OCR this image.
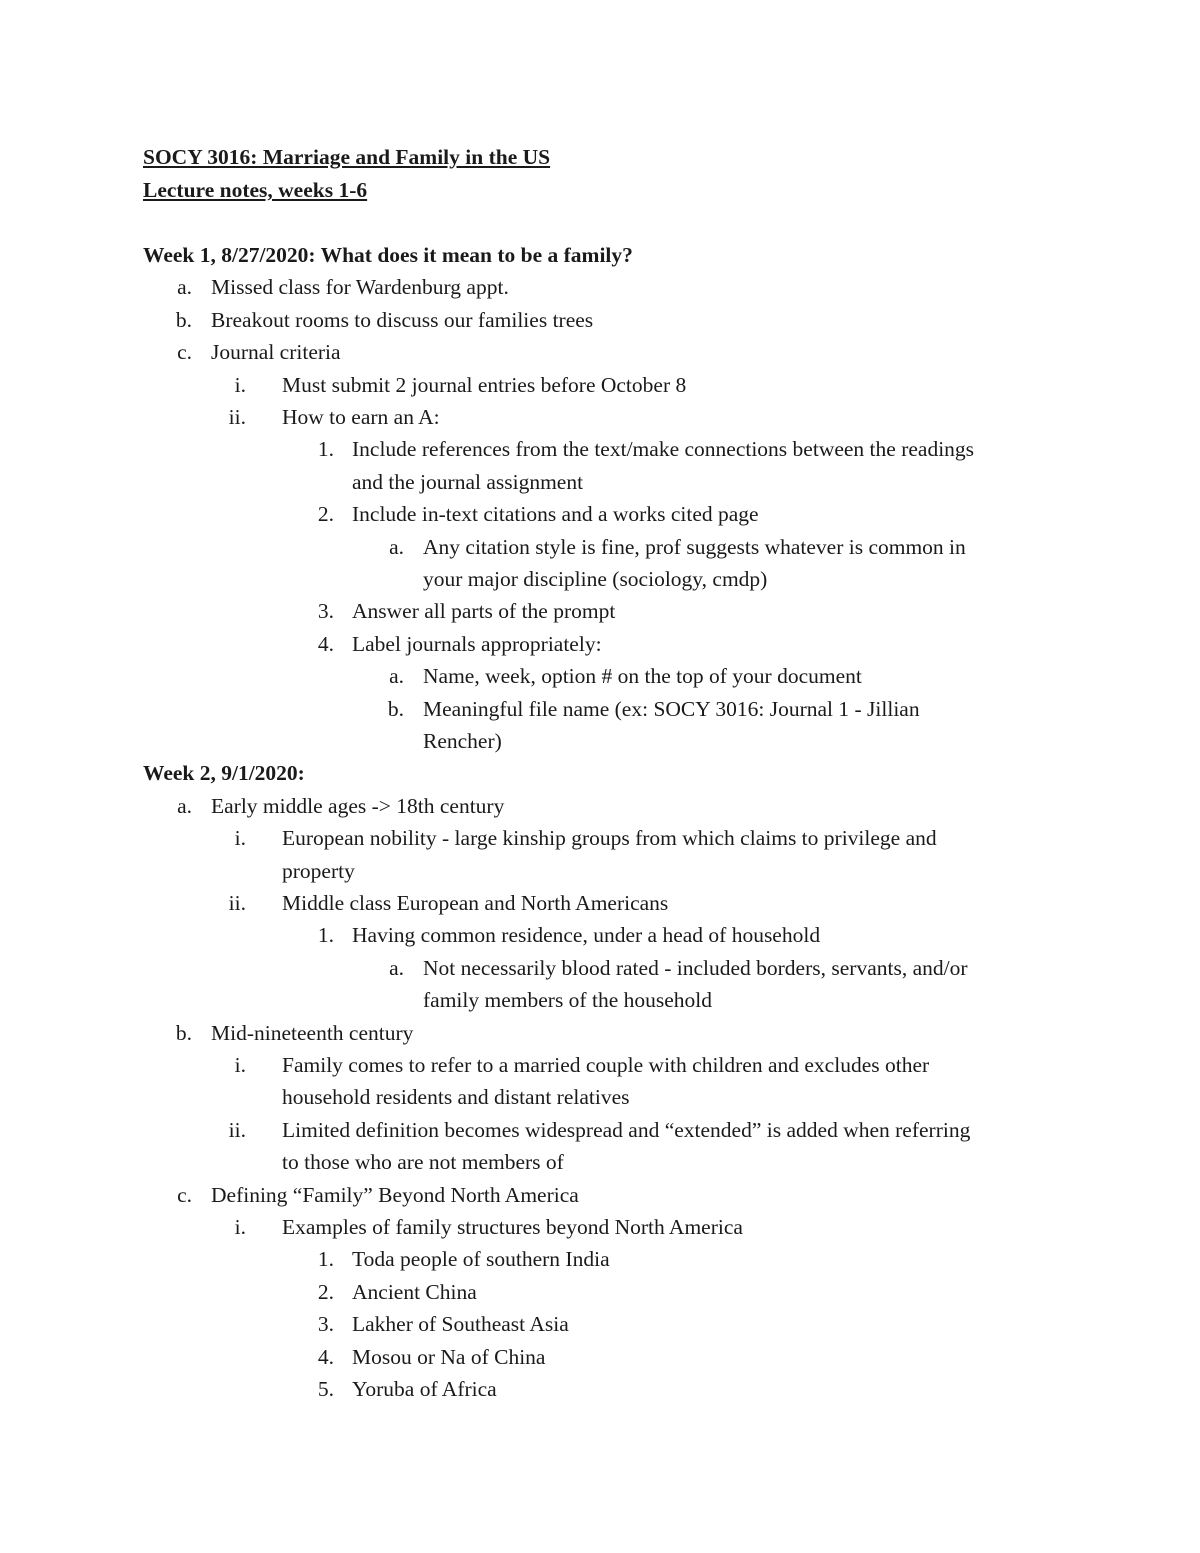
SOCY 3016: Marriage and Family in the US
Lecture notes, weeks 1-6
Week 1, 8/27/2020: What does it mean to be a family?
Missed class for Wardenburg appt.
a.
Breakout rooms to discuss our families trees
b.
Journal criteria
c.
Must submit 2 journal entries before October 8
i.
How to earn an A:
ii.
Include references from the text/make connections between the readings
1.
and the journal assignment
Include in-text citations and a works cited page
2.
Any citation style is fine, prof suggests whatever is common in
a.
your major discipline (sociology, cmdp)
Answer all parts of the prompt
3.
Label journals appropriately:
4.
Name, week, option # on the top of your document
a.
Meaningful file name (ex: SOCY 3016: Journal 1 - Jillian
b.
Rencher)
Week 2, 9/1/2020:
Early middle ages -> 18th century
a.
European nobility - large kinship groups from which claims to privilege and
i.
property
Middle class European and North Americans
ii.
Having common residence, under a head of household
1.
Not necessarily blood rated - included borders, servants, and/or
a.
family members of the household
Mid-nineteenth century
b.
Family comes to refer to a married couple with children and excludes other
i.
household residents and distant relatives
Limited definition becomes widespread and “extended” is added when referring
ii.
to those who are not members of
Defining “Family” Beyond North America
c.
Examples of family structures beyond North America
i.
Toda people of southern India
1.
Ancient China
2.
Lakher of Southeast Asia
3.
Mosou or Na of China
4.
Yoruba of Africa
5.
